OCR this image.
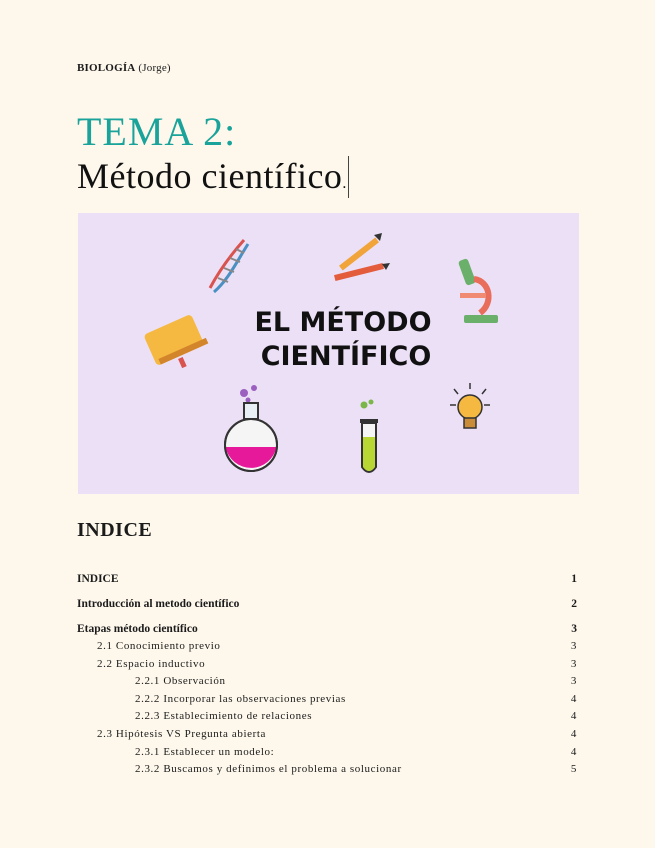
BIOLOGÍA (Jorge)
TEMA 2:
Método científico.
EL MÉTODO
CIENTÍFICO
INDICE
INDICE	1
Introducción al metodo científico	2
Etapas método científico	3
2.1 Conocimiento previo	3
2.2 Espacio inductivo	3
2.2.1 Observación	3
2.2.2 Incorporar las observaciones previas	4
2.2.3 Establecimiento de relaciones	4
2.3 Hipótesis VS Pregunta abierta	4
2.3.1 Establecer un modelo:	4
2.3.2 Buscamos y definimos el problema a solucionar	5
